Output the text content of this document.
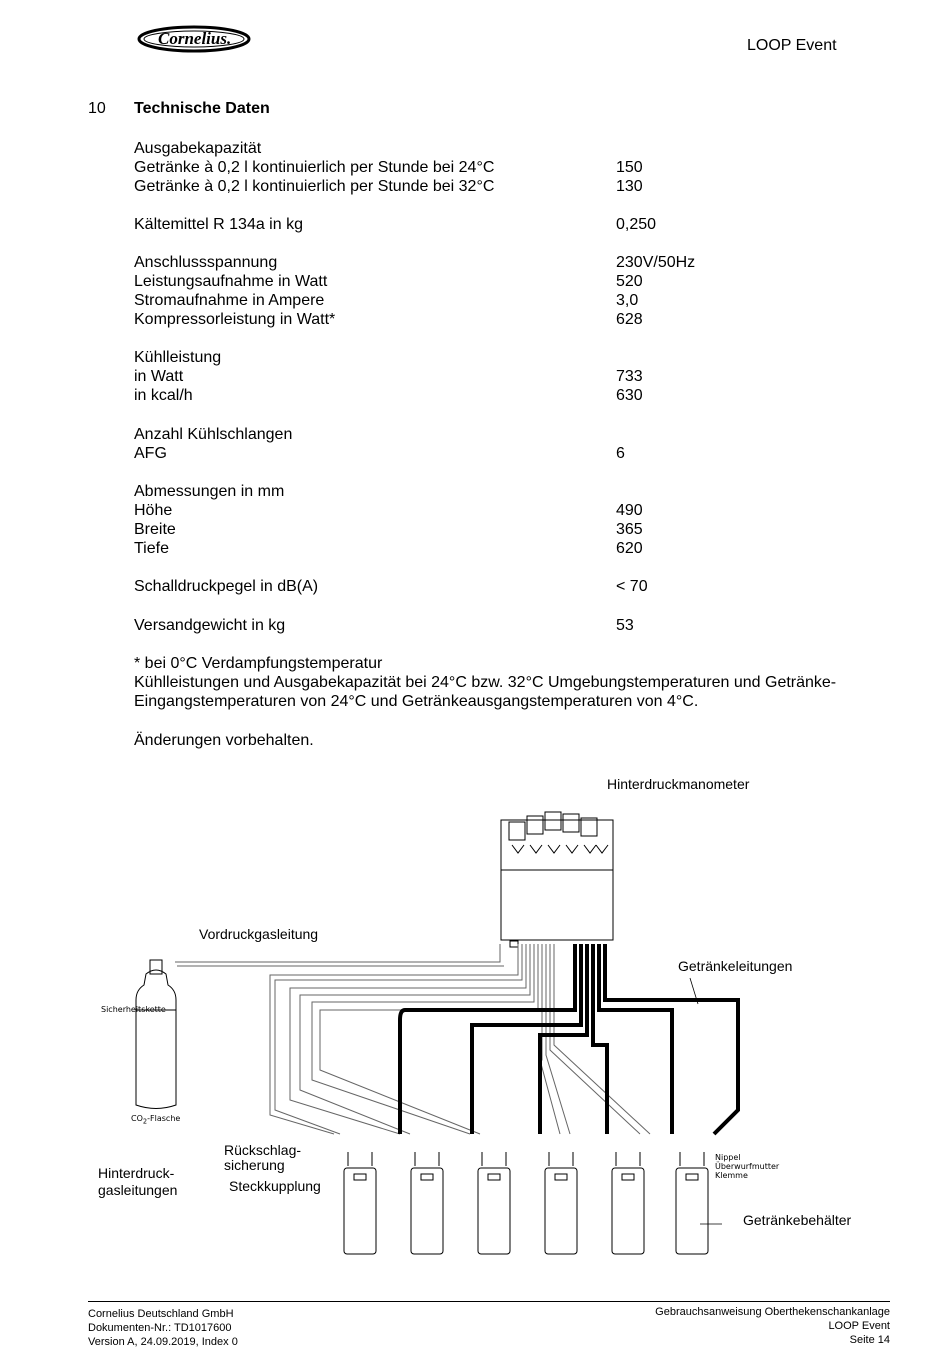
Cornelius.	LOOP Event
10 Technische Daten
Ausgabekapazität
Getränke à 0,2 l kontinuierlich per Stunde bei 24°C	150
Getränke à 0,2 l kontinuierlich per Stunde bei 32°C	130
Kältemittel R 134a in kg	0,250
Anschlussspannung	230V/50Hz
Leistungsaufnahme in Watt	520
Stromaufnahme in Ampere	3,0
Kompressorleistung in Watt*	628
Kühlleistung
in Watt	733
in kcal/h	630
Anzahl Kühlschlangen
AFG	6
Abmessungen in mm
Höhe	490
Breite	365
Tiefe	620
Schalldruckpegel in dB(A)	< 70
Versandgewicht in kg	53
* bei 0°C Verdampfungstemperatur
Kühlleistungen und Ausgabekapazität bei 24°C bzw. 32°C Umgebungstemperaturen und Getränke-
Eingangstemperaturen von 24°C und Getränkeausgangstemperaturen von 4°C.
Änderungen vorbehalten.
Hinterdruckmanometer
Vordruckgasleitung
Getränkeleitungen
Sicherheitskette
$CO_2$-Flasche
Rückschlag-
sicherung
Hinterdruck-
gasleitungen	Steckkupplung
Nippel
Überwurfmutter
Klemme
Getränkebehälter
Cornelius Deutschland GmbH
Dokumenten-Nr.: TD1017600
Version A, 24.09.2019, Index 0
Gebrauchsanweisung Oberthekenschankanlage
LOOP Event
Seite 14
